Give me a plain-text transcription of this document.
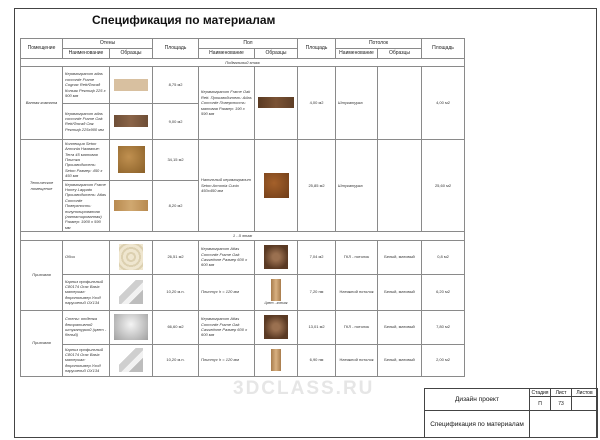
Спецификация по материалам
Помещение	Отены		Площадь	Пол		Площадь	Потолок		Площадь
	Наименование	Образцы		Наименование	Образцы		Наименование	Образцы	
Подвальный этаж									
Ванная комната	Керамогранит atlas concorde Frame Cognac Rett/Фасад Коньяк Ректиф 225 х 900 мм		8,75 м2	Керамогранит Frame Oak Rett. Производитель: Atlas Concorde Поверхность: матовая Размер: 190 х 590 мм		4,00 м2	Штукатурка		4,00 м2
	Керамогранит atlas concorde Frame Oak Rett/Фасад Оак Ректиф 225х900 мм		9,00 м2						
Техническое помещение	Коллекция Seton Armonia Название: Terra 45 матовая Плитка Производитель: Seton Размер: 450 х 450 мм		34,15 м2	Напольный керамогранит Seton Armonia Cuoio 450х450 мм		25,85 м2	Штукатурка		25,60 м2
	Керамогранит Frame Honey Lappato Производитель: Atlas Concorde Поверхность: полуполированная (лаппатированная) Размер: 1900 х 590 мм		8,20 м2						
1 - й этаж									
Прихожая	Обои		26,51 м2	Керамогранит Atlas Concorde Frame Oak Cassettone Размер 600 х 600 мм		7,04 м2	ГКЛ - потолок	Белый, матовый	0,8 м2
	Карниз профильный C80174 Orac Basix материал: дюрополимер Уход нарушений OX134		10,20 м.п.	Плинтус h = 120 мм	Цвет - коньяк	7,20 пм	Натяжной потолок	Белый, матовый	6,20 м2
Прихожая	Стены: отделка декоративной штукатуркой (цвет - белый)		66,60 м2	Керамогранит Atlas Concorde Frame Oak Cassettone Размер 600 х 600 мм		13,01 м2	ГКЛ - потолок	Белый, матовый	7,80 м2
	Карниз профильный C80174 Orac Basix материал: дюрополимер Уход нарушений OX134		10,20 м.п.	Плинтус h = 120 мм		6,90 пм	Натяжной потолок	Белый, матовый	2,00 м2
3DCLASS.RU
Дизайн проект	Стадия	Лист	Листов
	П	73	
Спецификация по материалам			
